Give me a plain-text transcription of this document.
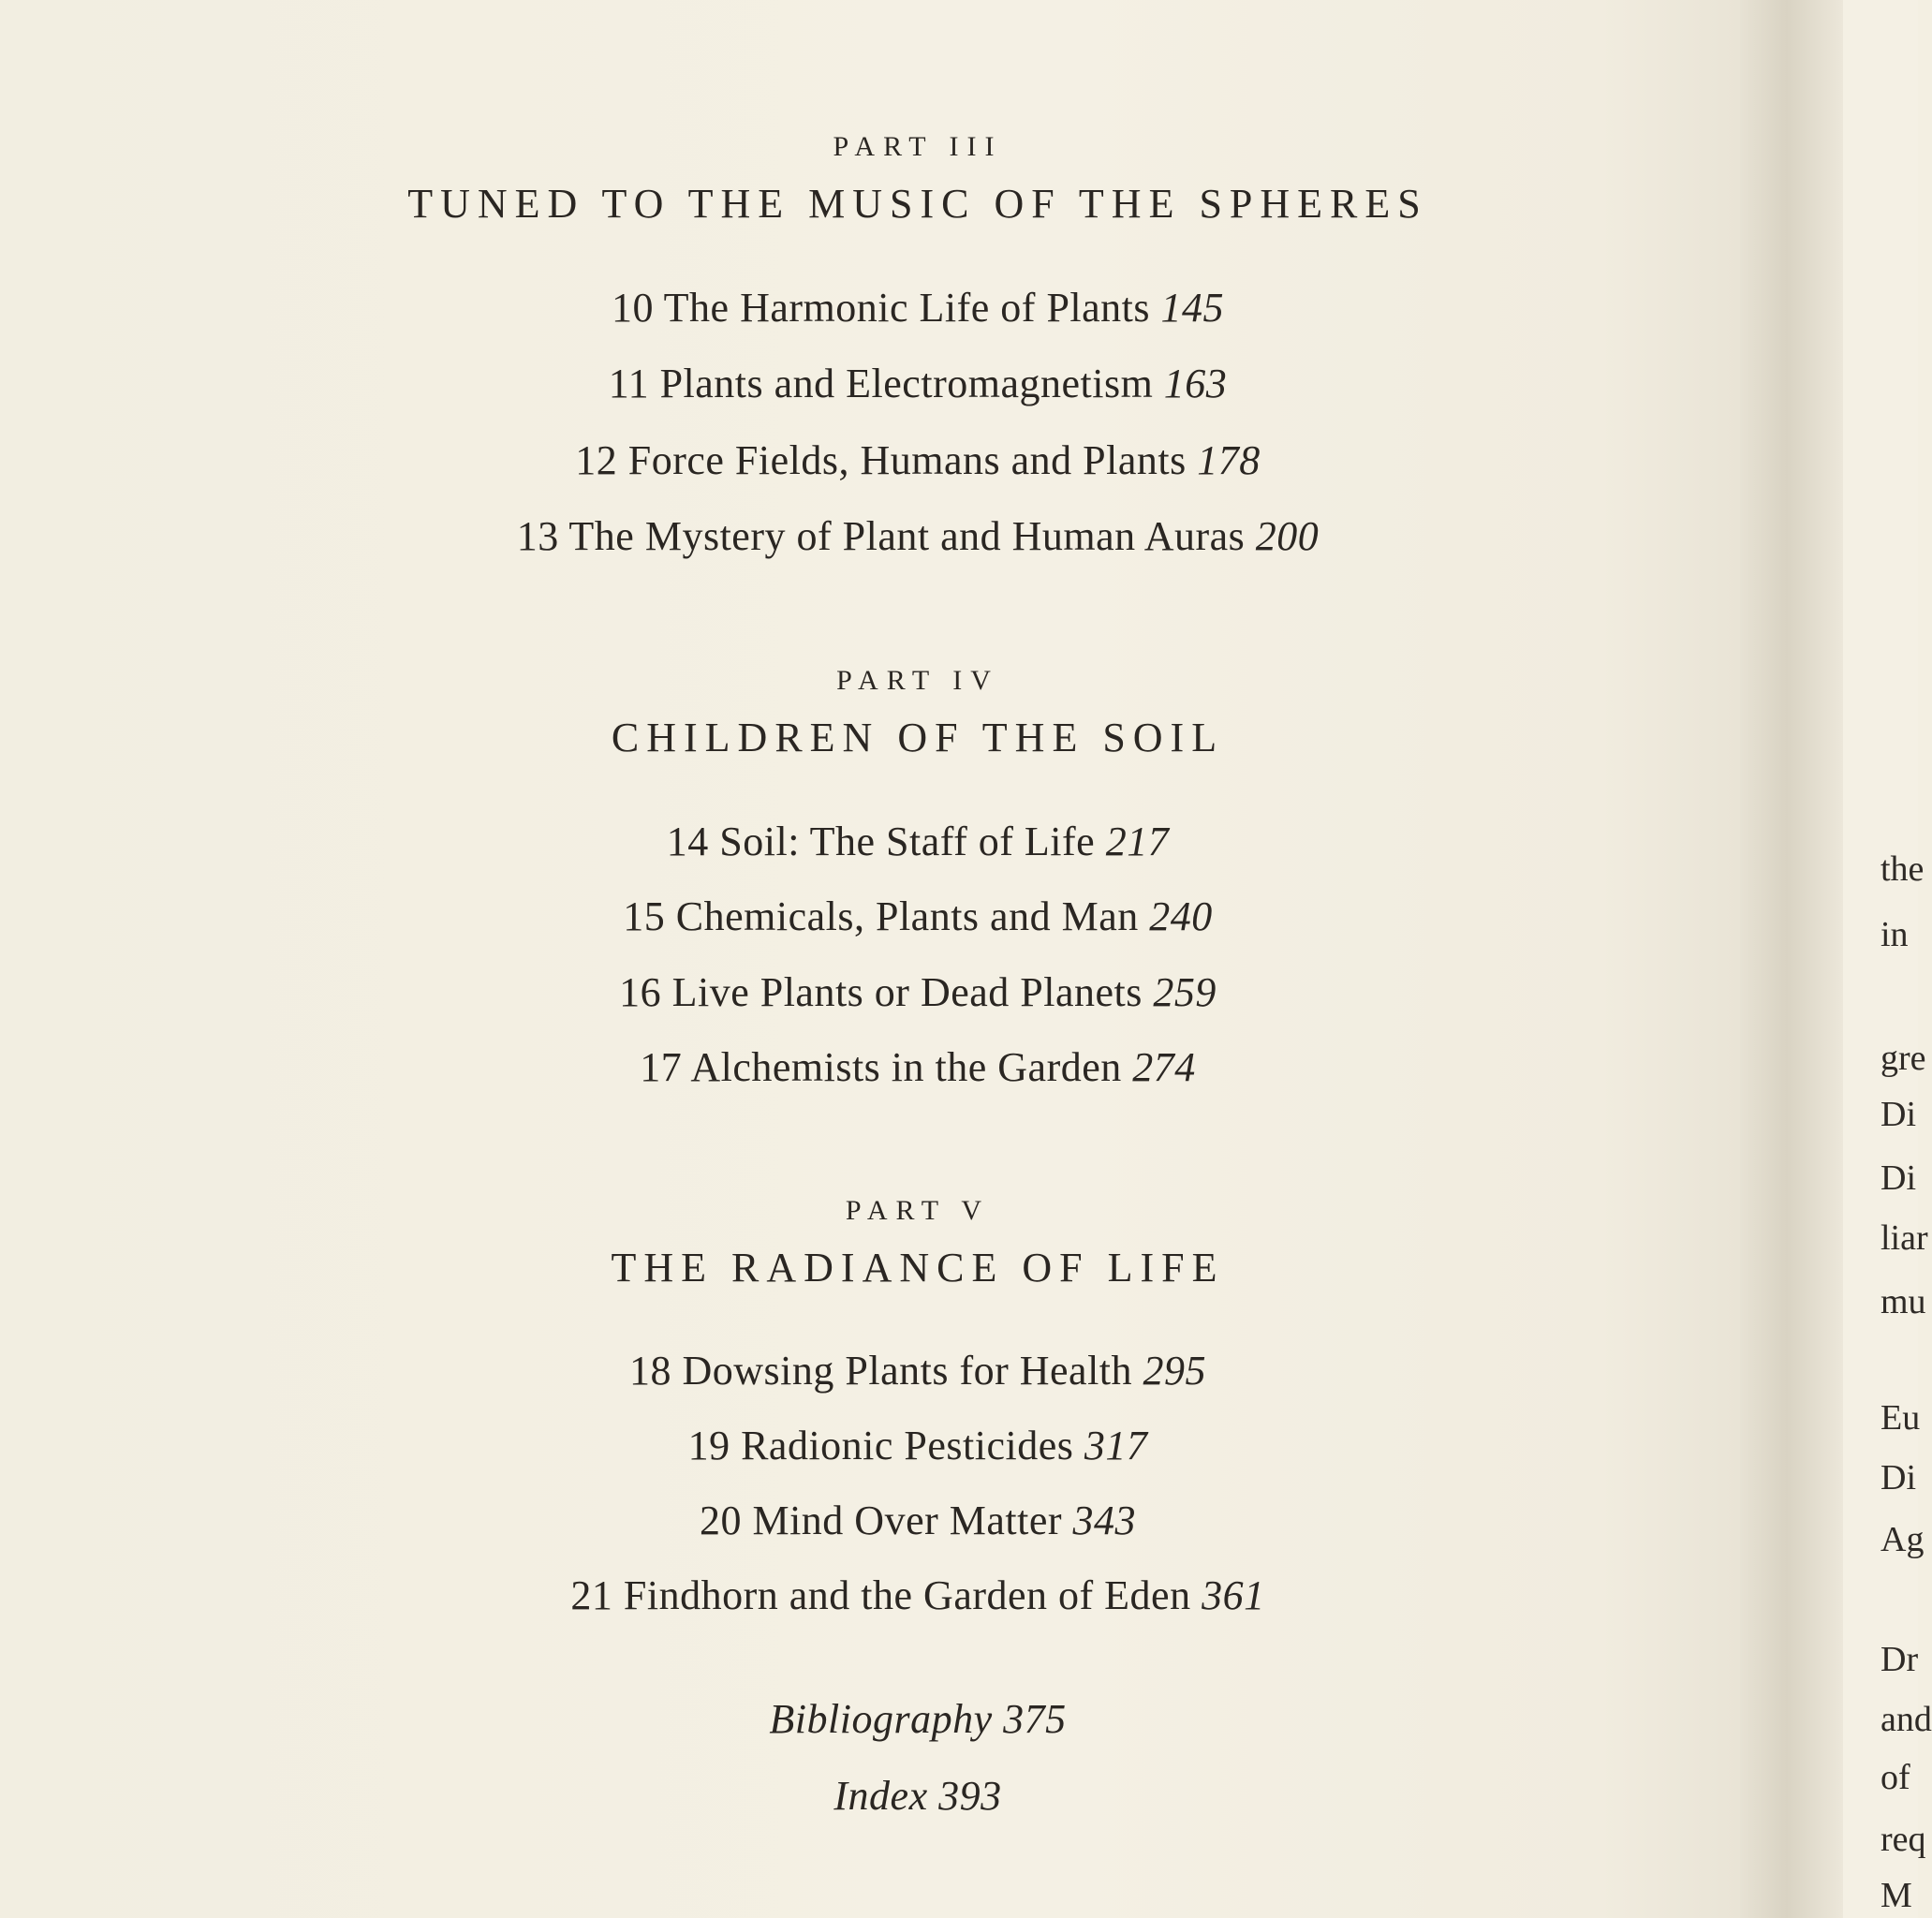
the
in
gre
Di
Di
liar
mu
Eu
Di
Ag
Dr
and
of
req
M
PART III
TUNED TO THE MUSIC OF THE SPHERES
10 The Harmonic Life of Plants 145
11 Plants and Electromagnetism 163
12 Force Fields, Humans and Plants 178
13 The Mystery of Plant and Human Auras 200
PART IV
CHILDREN OF THE SOIL
14 Soil: The Staff of Life 217
15 Chemicals, Plants and Man 240
16 Live Plants or Dead Planets 259
17 Alchemists in the Garden 274
PART V
THE RADIANCE OF LIFE
18 Dowsing Plants for Health 295
19 Radionic Pesticides 317
20 Mind Over Matter 343
21 Findhorn and the Garden of Eden 361
Bibliography 375
Index 393
